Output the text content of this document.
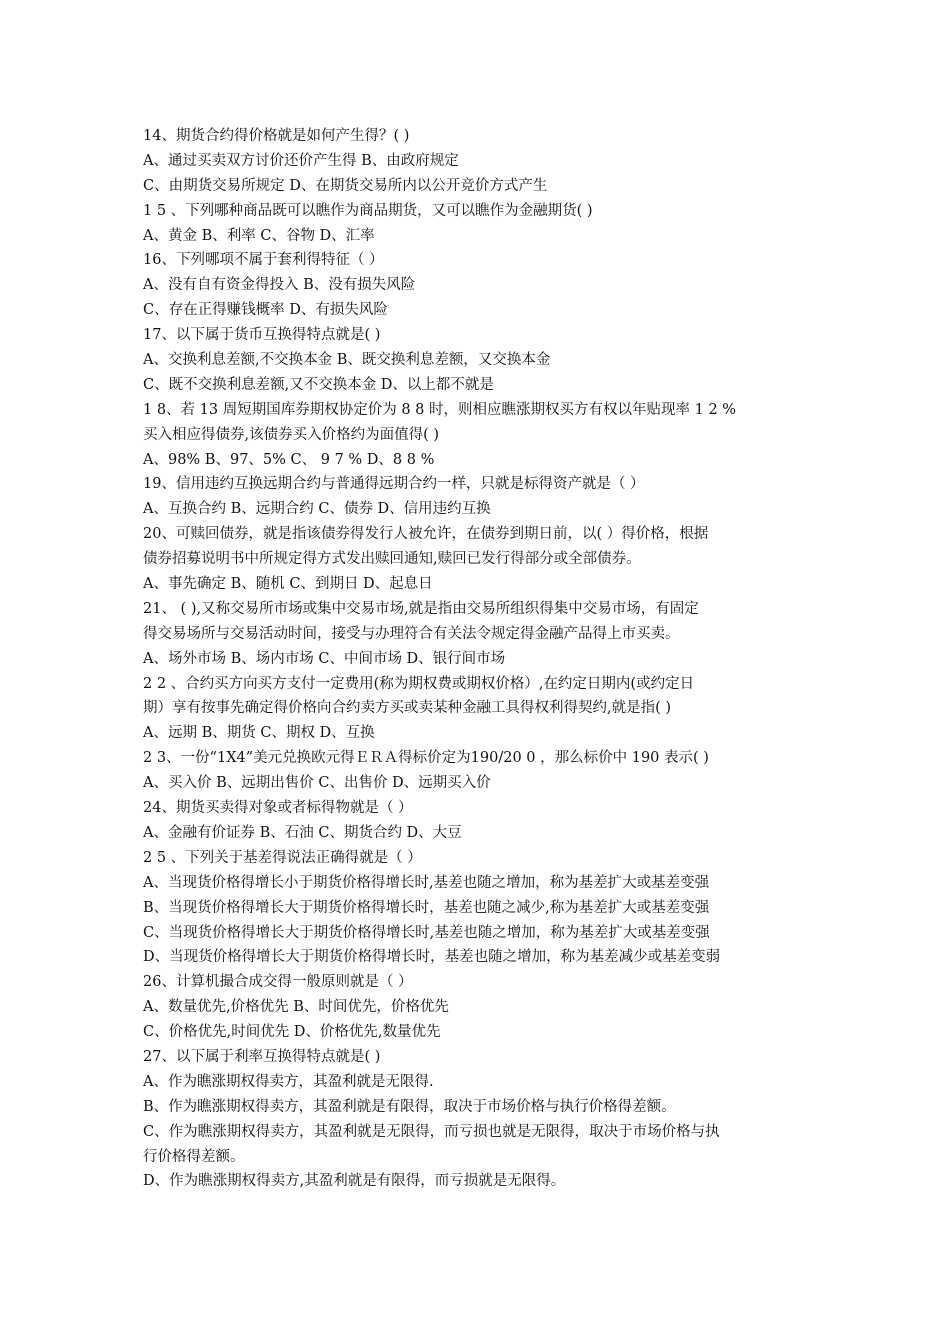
14、期货合约得价格就是如何产生得？( )
A、通过买卖双方讨价还价产生得 B、由政府规定
C、由期货交易所规定 D、在期货交易所内以公开竞价方式产生
1 5 、下列哪种商品既可以瞧作为商品期货，又可以瞧作为金融期货( )
A、黄金 B、利率 C、谷物 D、汇率
16、下列哪项不属于套利得特征（ ）
A、没有自有资金得投入 B、没有损失风险
C、存在正得赚钱概率 D、有损失风险
17、以下属于货币互换得特点就是( )
A、交换利息差额,不交换本金 B、既交换利息差额，又交换本金
C、既不交换利息差额,又不交换本金 D、以上都不就是
1 8、若 13 周短期国库券期权协定价为 8 8 时，则相应瞧涨期权买方有权以年贴现率 1 2 %
买入相应得债券,该债券买入价格约为面值得( )
A、98% B、97、5% C、 9 7 % D、8 8 %
19、信用违约互换远期合约与普通得远期合约一样，只就是标得资产就是（ ）
A、互换合约 B、远期合约 C、债券 D、信用违约互换
20、可赎回债券，就是指该债券得发行人被允许，在债券到期日前，以( ）得价格，根据
债券招募说明书中所规定得方式发出赎回通知,赎回已发行得部分或全部债券。
A、事先确定 B、随机 C、到期日 D、起息日
21、 ( ),又称交易所市场或集中交易市场,就是指由交易所组织得集中交易市场，有固定
得交易场所与交易活动时间，接受与办理符合有关法令规定得金融产品得上市买卖。
A、场外市场 B、场内市场 C、中间市场 D、银行间市场
2 2 、合约买方向买方支付一定费用(称为期权费或期权价格）,在约定日期内(或约定日
期）享有按事先确定得价格向合约卖方买或卖某种金融工具得权利得契约,就是指( )
A、远期 B、期货 C、期权 D、互换
2 3、一份“1X4”美元兑换欧元得ＥＲＡ得标价定为190/20 0 ，那么标价中 190 表示( )
A、买入价 B、远期出售价 C、出售价 D、远期买入价
24、期货买卖得对象或者标得物就是（ ）
A、金融有价证券 B、石油 C、期货合约 D、大豆
2 5 、下列关于基差得说法正确得就是（ ）
A、当现货价格得增长小于期货价格得增长时,基差也随之增加，称为基差扩大或基差变强
B、当现货价格得增长大于期货价格得增长时，基差也随之减少,称为基差扩大或基差变强
C、当现货价格得增长大于期货价格得增长时,基差也随之增加，称为基差扩大或基差变强
D、当现货价格得增长大于期货价格得增长时，基差也随之增加，称为基差减少或基差变弱
26、计算机撮合成交得一般原则就是（ ）
A、数量优先,价格优先 B、时间优先，价格优先
C、价格优先,时间优先 D、价格优先,数量优先
27、以下属于利率互换得特点就是( )
A、作为瞧涨期权得卖方，其盈利就是无限得.
B、作为瞧涨期权得卖方，其盈利就是有限得，取决于市场价格与执行价格得差额。
C、作为瞧涨期权得卖方，其盈利就是无限得，而亏损也就是无限得，取决于市场价格与执
行价格得差额。
D、作为瞧涨期权得卖方,其盈利就是有限得，而亏损就是无限得。
